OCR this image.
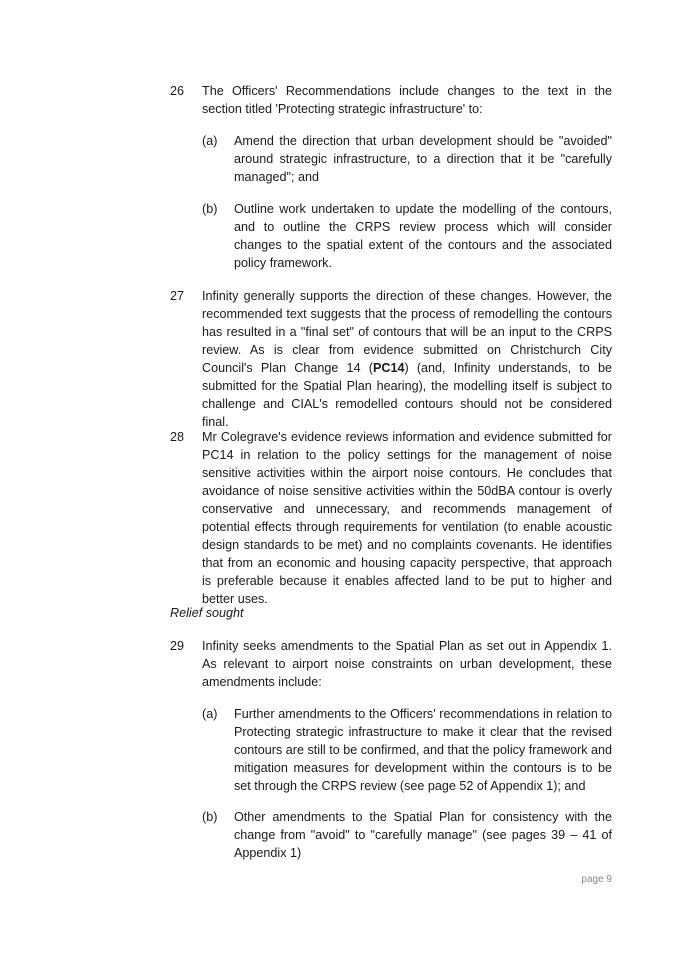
26	The Officers' Recommendations include changes to the text in the section titled 'Protecting strategic infrastructure' to:
(a)	Amend the direction that urban development should be "avoided" around strategic infrastructure, to a direction that it be "carefully managed"; and
(b)	Outline work undertaken to update the modelling of the contours, and to outline the CRPS review process which will consider changes to the spatial extent of the contours and the associated policy framework.
27	Infinity generally supports the direction of these changes. However, the recommended text suggests that the process of remodelling the contours has resulted in a "final set" of contours that will be an input to the CRPS review. As is clear from evidence submitted on Christchurch City Council's Plan Change 14 (PC14) (and, Infinity understands, to be submitted for the Spatial Plan hearing), the modelling itself is subject to challenge and CIAL's remodelled contours should not be considered final.
28	Mr Colegrave's evidence reviews information and evidence submitted for PC14 in relation to the policy settings for the management of noise sensitive activities within the airport noise contours. He concludes that avoidance of noise sensitive activities within the 50dBA contour is overly conservative and unnecessary, and recommends management of potential effects through requirements for ventilation (to enable acoustic design standards to be met) and no complaints covenants. He identifies that from an economic and housing capacity perspective, that approach is preferable because it enables affected land to be put to higher and better uses.
Relief sought
29	Infinity seeks amendments to the Spatial Plan as set out in Appendix 1. As relevant to airport noise constraints on urban development, these amendments include:
(a)	Further amendments to the Officers' recommendations in relation to Protecting strategic infrastructure to make it clear that the revised contours are still to be confirmed, and that the policy framework and mitigation measures for development within the contours is to be set through the CRPS review (see page 52 of Appendix 1); and
(b)	Other amendments to the Spatial Plan for consistency with the change from "avoid" to "carefully manage" (see pages 39 – 41 of Appendix 1)
page 9
